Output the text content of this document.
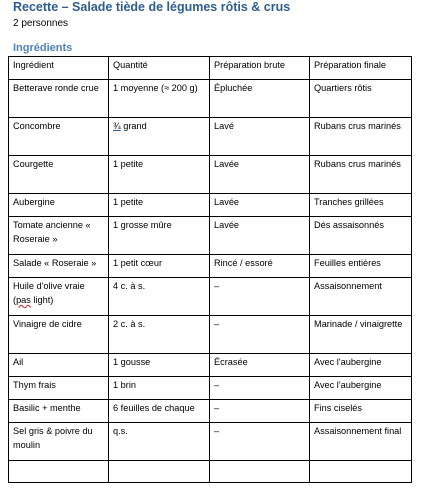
Recette – Salade tiède de légumes rôtis & crus
2 personnes
Ingrédients
Ingrédient	Quantité	Préparation brute	Préparation finale
Betterave ronde crue	1 moyenne (≈ 200 g)	Épluchée	Quartiers rôtis
Concombre	¾ grand	Lavé	Rubans crus marinés
Courgette	1 petite	Lavée	Rubans crus marinés
Aubergine	1 petite	Lavée	Tranches grillées
Tomate ancienne « Roseraie »	1 grosse mûre	Lavée	Dés assaisonnés
Salade « Roseraie »	1 petit cœur	Rincé / essoré	Feuilles entières
Huile d'olive vraie (pas light)	4 c. à s.	–	Assaisonnement
Vinaigre de cidre	2 c. à s.	–	Marinade / vinaigrette
Ail	1 gousse	Écrasée	Avec l'aubergine
Thym frais	1 brin	–	Avec l'aubergine
Basilic + menthe	6 feuilles de chaque	–	Fins ciselés
Sel gris & poivre du moulin	q.s.	–	Assaisonnement final
